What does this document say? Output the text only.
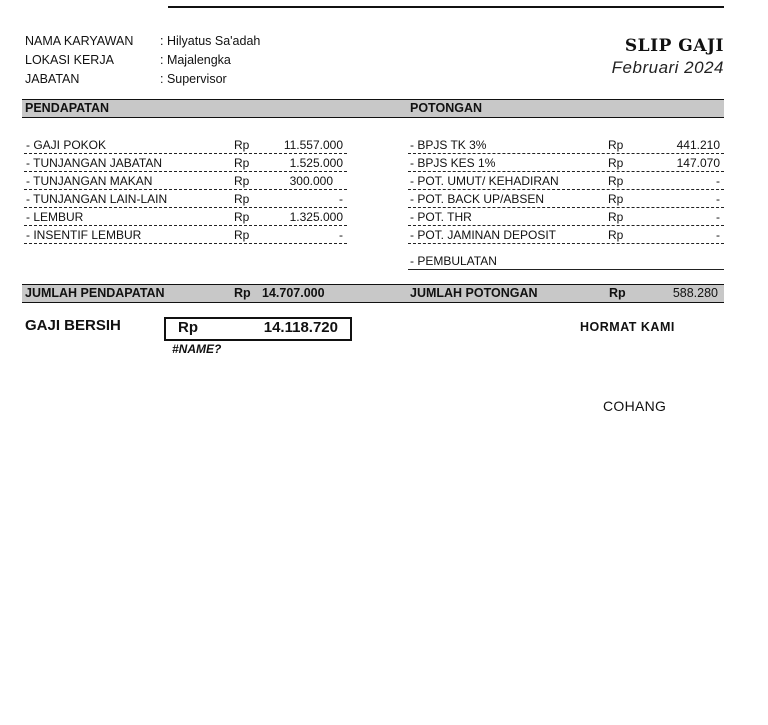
NAMA KARYAWAN : Hilyatus Sa'adah
LOKASI KERJA	: Majalengka
JABATAN	: Supervisor
SLIP GAJI
Februari 2024
PENDAPATAN	POTONGAN
- GAJI POKOK	Rp	11.557.000
- TUNJANGAN JABATAN	Rp	1.525.000
- TUNJANGAN MAKAN	Rp	300.000
- TUNJANGAN LAIN-LAIN	Rp	-
- LEMBUR	Rp	1.325.000
- INSENTIF LEMBUR	Rp	-
- BPJS TK 3%	Rp	441.210
- BPJS KES 1%	Rp	147.070
- POT. UMUT/ KEHADIRAN	Rp	-
- POT. BACK UP/ABSEN	Rp	-
- POT. THR	Rp	-
- POT. JAMINAN DEPOSIT	Rp	-
- PEMBULATAN
JUMLAH PENDAPATAN	Rp 14.707.000	JUMLAH POTONGAN	Rp	588.280
GAJI BERSIH	Rp	14.118.720
#NAME?
HORMAT KAMI
COHANG
